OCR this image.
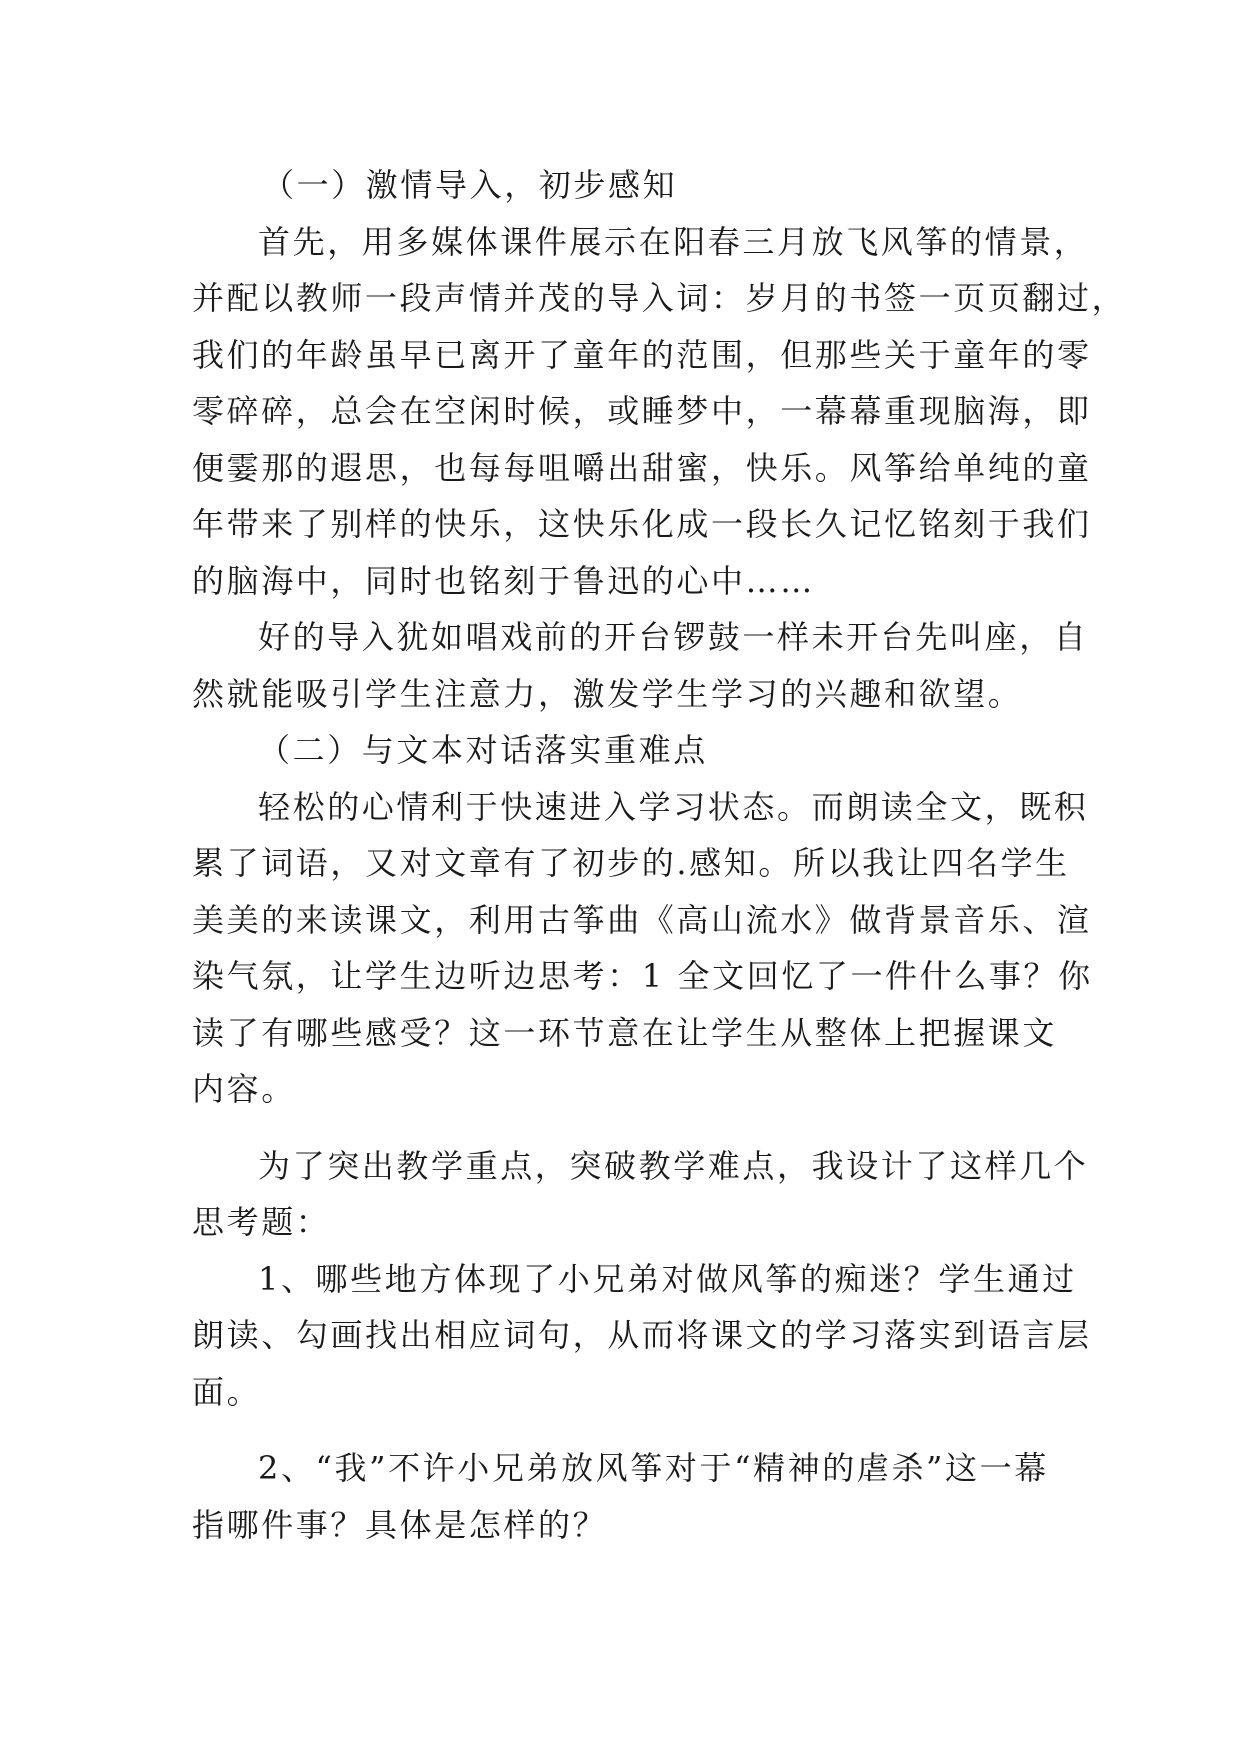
（一）激情导入，初步感知
首先，用多媒体课件展示在阳春三月放飞风筝的情景，
并配以教师一段声情并茂的导入词：岁月的书签一页页翻过，
我们的年龄虽早已离开了童年的范围，但那些关于童年的零
零碎碎，总会在空闲时候，或睡梦中，一幕幕重现脑海，即
便霎那的遐思，也每每咀嚼出甜蜜，快乐。风筝给单纯的童
年带来了别样的快乐，这快乐化成一段长久记忆铭刻于我们
的脑海中，同时也铭刻于鲁迅的心中……
好的导入犹如唱戏前的开台锣鼓一样未开台先叫座，自
然就能吸引学生注意力，激发学生学习的兴趣和欲望。
（二）与文本对话落实重难点
轻松的心情利于快速进入学习状态。而朗读全文，既积
累了词语，又对文章有了初步的.感知。所以我让四名学生
美美的来读课文，利用古筝曲《高山流水》做背景音乐、渲
染气氛，让学生边听边思考：1 全文回忆了一件什么事？你
读了有哪些感受？这一环节意在让学生从整体上把握课文
内容。
为了突出教学重点，突破教学难点，我设计了这样几个
思考题：
1、哪些地方体现了小兄弟对做风筝的痴迷？学生通过
朗读、勾画找出相应词句，从而将课文的学习落实到语言层
面。
2、“我”不许小兄弟放风筝对于“精神的虐杀”这一幕
指哪件事？具体是怎样的？
